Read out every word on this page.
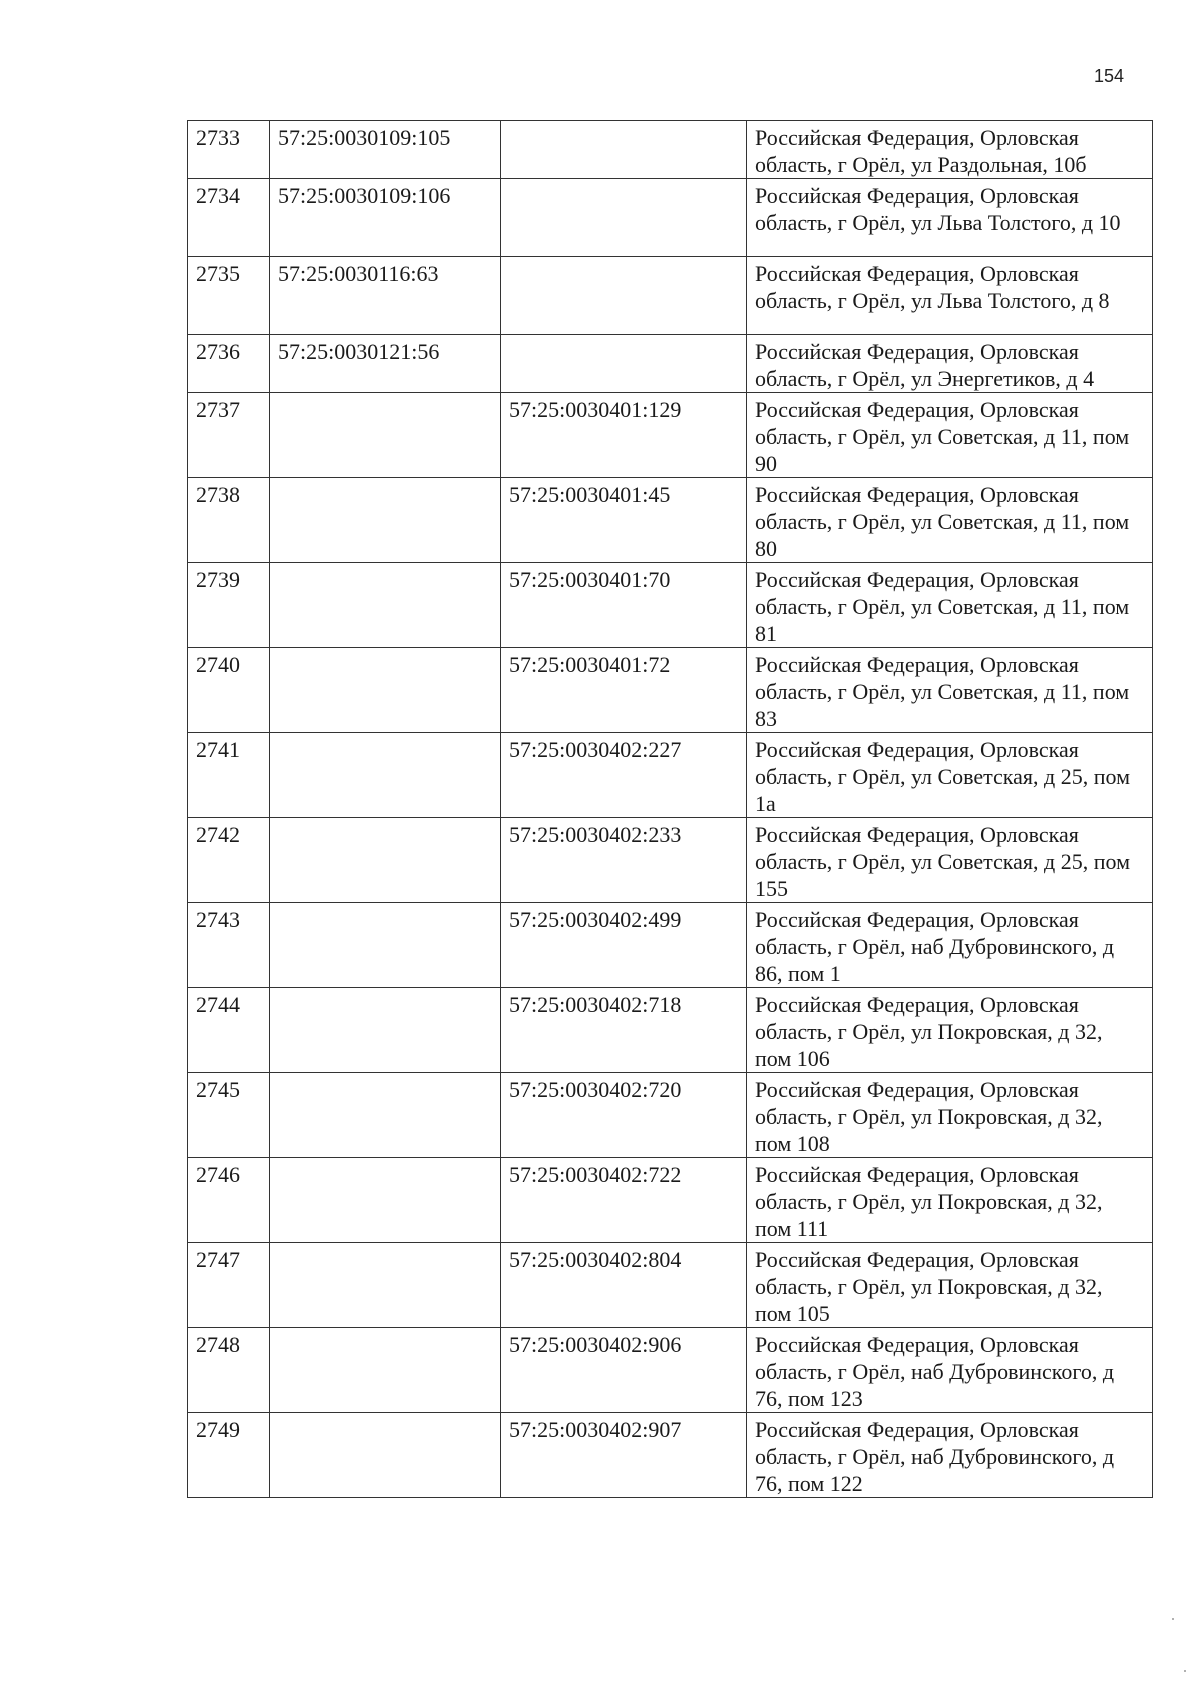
154
2733	57:25:0030109:105		Российская Федерация, Орловская область, г Орёл, ул Раздольная, 10б
2734	57:25:0030109:106		Российская Федерация, Орловская область, г Орёл, ул Льва Толстого, д 10
2735	57:25:0030116:63		Российская Федерация, Орловская область, г Орёл, ул Льва Толстого, д 8
2736	57:25:0030121:56		Российская Федерация, Орловская область, г Орёл, ул Энергетиков, д 4
2737		57:25:0030401:129	Российская Федерация, Орловская область, г Орёл, ул Советская, д 11, пом 90
2738		57:25:0030401:45	Российская Федерация, Орловская область, г Орёл, ул Советская, д 11, пом 80
2739		57:25:0030401:70	Российская Федерация, Орловская область, г Орёл, ул Советская, д 11, пом 81
2740		57:25:0030401:72	Российская Федерация, Орловская область, г Орёл, ул Советская, д 11, пом 83
2741		57:25:0030402:227	Российская Федерация, Орловская область, г Орёл, ул Советская, д 25, пом 1а
2742		57:25:0030402:233	Российская Федерация, Орловская область, г Орёл, ул Советская, д 25, пом 155
2743		57:25:0030402:499	Российская Федерация, Орловская область, г Орёл, наб Дубровинского, д 86, пом 1
2744		57:25:0030402:718	Российская Федерация, Орловская область, г Орёл, ул Покровская, д 32, пом 106
2745		57:25:0030402:720	Российская Федерация, Орловская область, г Орёл, ул Покровская, д 32, пом 108
2746		57:25:0030402:722	Российская Федерация, Орловская область, г Орёл, ул Покровская, д 32, пом 111
2747		57:25:0030402:804	Российская Федерация, Орловская область, г Орёл, ул Покровская, д 32, пом 105
2748		57:25:0030402:906	Российская Федерация, Орловская область, г Орёл, наб Дубровинского, д 76, пом 123
2749		57:25:0030402:907	Российская Федерация, Орловская область, г Орёл, наб Дубровинского, д 76, пом 122
